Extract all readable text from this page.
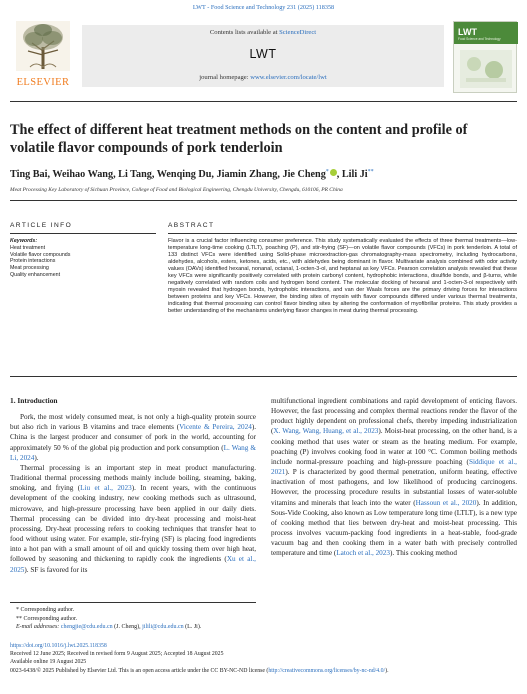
LWT - Food Science and Technology 231 (2025) 118358
ELSEVIER
Contents lists available at ScienceDirect
LWT
journal homepage: www.elsevier.com/locate/lwt
LWT
Food Science and Technology
The effect of different heat treatment methods on the content and profile of volatile flavor compounds of pork tenderloin
Ting Bai, Weihao Wang, Li Tang, Wenqing Du, Jiamin Zhang, Jie Cheng* , Lili Ji**
Meat Processing Key Laboratory of Sichuan Province, College of Food and Biological Engineering, Chengdu University, Chengdu, 610106, PR China
ARTICLE INFO	ABSTRACT
Keywords:
Heat treatment
Volatile flavor compounds
Protein interactions
Meat processing
Quality enhancement
Flavor is a crucial factor influencing consumer preference. This study systematically evaluated the effects of three thermal treatments—low-temperature long-time cooking (LTLT), poaching (P), and stir-frying (SF)—on volatile flavor compounds (VFCs) in pork tenderloin. A total of 133 distinct VFCs were identified using Solid-phase microextraction-gas chromatography-mass spectrometry, including hydrocarbons, aldehydes, alcohols, esters, ketones, acids, etc., with aldehydes being dominant in flavor. Multivariate analysis combined with odor activity values (OAVs) identified hexanal, nonanal, octanal, 1-octen-3-ol, and heptanal as key VFCs. Pearson correlation analysis revealed that these key VFCs were significantly positively correlated with protein carbonyl content, hydrophobic interactions, disulfide bonds, and β-turns, while negatively correlated with random coils and hydrogen bond content. The molecular docking of hexanal and 1-octen-3-ol respectively with myosin revealed that hydrogen bonds, hydrophobic interactions, and van der Waals forces are the primary driving forces for interactions between proteins and key VFCs. However, the binding sites of myosin with flavor compounds differed under various thermal treatments, indicating that thermal processing can control flavor binding sites by altering the conformation of myofibrillar proteins. This study provides a better understanding of the mechanisms underlying flavor changes in meat during thermal processing.
1. Introduction

Pork, the most widely consumed meat, is not only a high-quality protein source but also rich in various B vitamins and trace elements (Vicente & Pereira, 2024). China is the largest producer and consumer of pork in the world, accounting for approximately 50 % of the global pig production and pork consumption (L. Wang & Li, 2024).

Thermal processing is an important step in meat product manufacturing. Traditional thermal processing methods mainly include boiling, steaming, baking, smoking, and frying (Liu et al., 2023). In recent years, with the continuous development of the cooking industry, new cooking methods such as ultrasound, microwave, and high-pressure processing have been applied in our daily diets. Thermal processing can be divided into dry-heat processing and moist-heat processing. Dry-heat processing refers to cooking techniques that transfer heat to food without using water. For example, stir-frying (SF) is placing food ingredients into a hot pan with a small amount of oil and quickly tossing them over high heat, followed by seasoning and thickening to rapidly cook the ingredients (Xu et al., 2025). SF is favored for its

multifunctional ingredient combinations and rapid development of enticing flavors. However, the fast processing and complex thermal reactions render the flavor of the product highly dependent on professional chefs, thereby impeding industrialization (X. Wang, Wang, Huang, et al., 2023). Moist-heat processing, on the other hand, is a cooking method that uses water or steam as the heating medium. For example, poaching (P) involves cooking food in water at 100 °C. Common boiling methods include normal-pressure poaching and high-pressure poaching (Siddique et al., 2021). P is characterized by good thermal penetration, uniform heating, effective inactivation of most pathogens, and low likelihood of producing carcinogens. However, the processing procedure results in substantial losses of water-soluble vitamins and minerals that leach into the water (Hassoun et al., 2020). In addition, Sous-Vide Cooking, also known as Low temperature long time (LTLT), is a new type of cooking method that lies between dry-heat and moist-heat processing. This process involves vacuum-packing food ingredients in a heat-stable, food-grade vacuum bag and then cooking them in a water bath with precisely controlled temperature and time (Latoch et al., 2023). This cooking method

* Corresponding author.
** Corresponding author.
E-mail addresses: chengjie@cdu.edu.cn (J. Cheng), jilili@cdu.edu.cn (L. Ji).
https://doi.org/10.1016/j.lwt.2025.118358
Received 12 June 2025; Received in revised form 9 August 2025; Accepted 18 August 2025
Available online 19 August 2025
0023-6438/© 2025 Published by Elsevier Ltd. This is an open access article under the CC BY-NC-ND license (http://creativecommons.org/licenses/by-nc-nd/4.0/).
